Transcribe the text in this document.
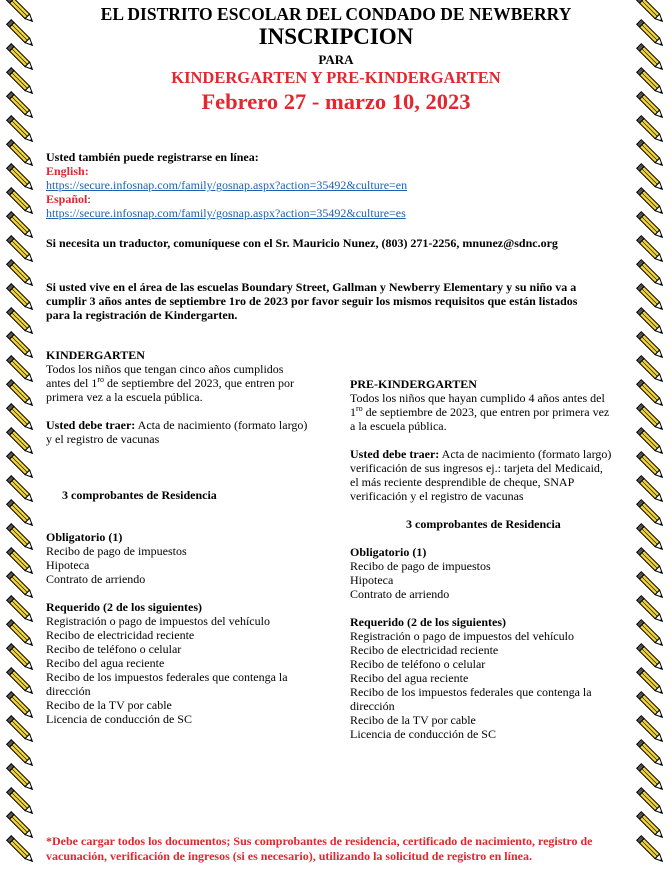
EL DISTRITO ESCOLAR DEL CONDADO DE NEWBERRY
INSCRIPCION
PARA
KINDERGARTEN Y PRE-KINDERGARTEN
Febrero 27 - marzo 10, 2023
Usted también puede registrarse en línea:
English:
https://secure.infosnap.com/family/gosnap.aspx?action=35492&culture=en
Español:
https://secure.infosnap.com/family/gosnap.aspx?action=35492&culture=es
Si necesita un traductor, comuníquese con el Sr. Mauricio Nunez, (803) 271-2256, mnunez@sdnc.org
Si usted vive en el área de las escuelas Boundary Street, Gallman y Newberry Elementary y su niño va a
cumplir 3 años antes de septiembre 1ro de 2023 por favor seguir los mismos requisitos que están listados
para la registración de Kindergarten.

KINDERGARTEN

Todos los niños que tengan cinco años cumplidos

antes del $1^{ro}$ de septiembre del 2023, que entren por

primera vez a la escuela pública.

Usted debe traer: Acta de nacimiento (formato largo)

y el registro de vacunas

3 comprobantes de Residencia

Obligatorio (1)

Recibo de pago de impuestos

Hipoteca

Contrato de arriendo

Requerido (2 de los siguientes)

Registración o pago de impuestos del vehículo

Recibo de electricidad reciente

Recibo de teléfono o celular

Recibo del agua reciente

Recibo de los impuestos federales que contenga la

dirección

Recibo de la TV por cable

Licencia de conducción de SC

PRE-KINDERGARTEN

Todos los niños que hayan cumplido 4 años antes del

$1^{ro}$ de septiembre de 2023, que entren por primera vez

a la escuela pública.

Usted debe traer: Acta de nacimiento (formato largo)

verificación de sus ingresos ej.: tarjeta del Medicaid,

el más reciente desprendible de cheque, SNAP

verificación y el registro de vacunas

3 comprobantes de Residencia

Obligatorio (1)

Recibo de pago de impuestos

Hipoteca

Contrato de arriendo

Requerido (2 de los siguientes)

Registración o pago de impuestos del vehículo

Recibo de electricidad reciente

Recibo de teléfono o celular

Recibo del agua reciente

Recibo de los impuestos federales que contenga la

dirección

Recibo de la TV por cable

Licencia de conducción de SC

*Debe cargar todos los documentos; Sus comprobantes de residencia, certificado de nacimiento, registro de
vacunación, verificación de ingresos (si es necesario), utilizando la solicitud de registro en línea.
